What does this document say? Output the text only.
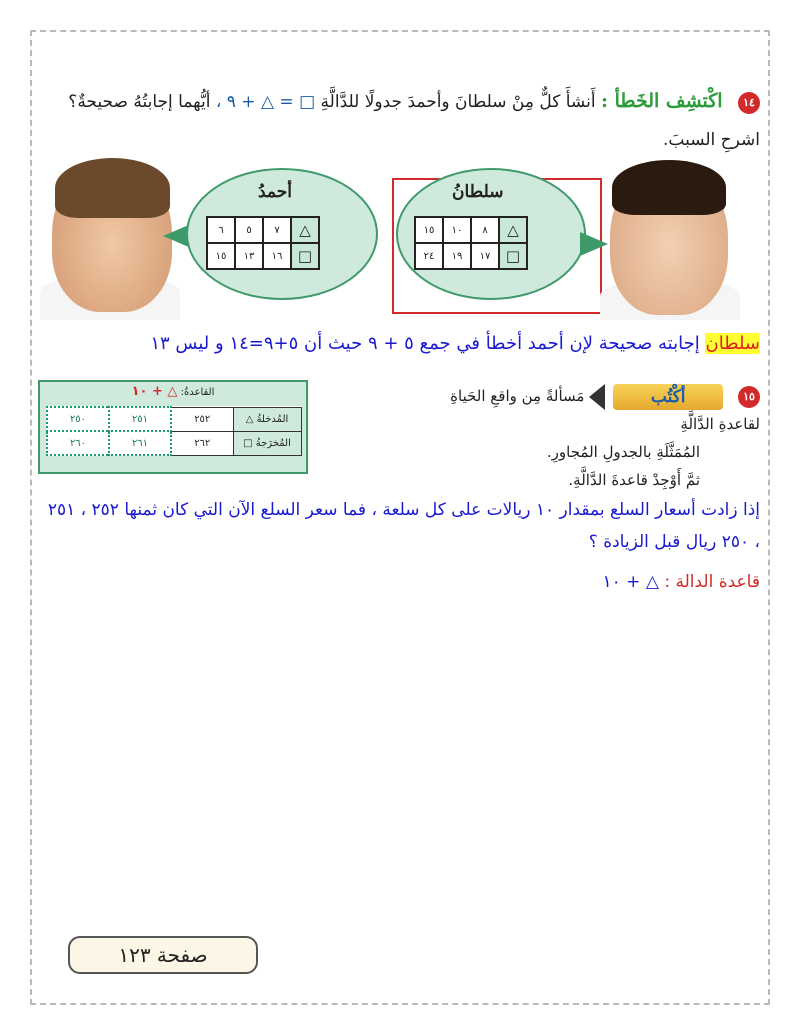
١٤ اكْتشِف الخَطأ : أَنشأَ كلٌّ مِنْ سلطانَ وأحمدَ جدولًا للدَّالَّةِ □ = △ + ٩ ، أيُّهما إجابتُهُ صحيحةٌ؟
اشرحِ السببَ.
أحمدُ
٦	٥	٧	△
١٥	١٣	١٦	□
سلطانُ
١٥	١٠	٨	△
٢٤	١٩	١٧	□
سلطان إجابته صحيحة لإن أحمد أخطأ في جمع ٥ + ٩ حيث أن ٥+٩=١٤ و ليس ١٣
١٥ أكْتُب مَسألةً مِن واقعِ الحَياةِ لقاعدةِ الدَّالَّةِ
المُمَثَّلَةِ بالجدولِ المُجاورِ.
ثمَّ أَوْجِدْ قاعدةَ الدَّالَّةِ.
القاعدةُ: △ + ١٠
المُدخلةُ △	٢٥٢	٢٥١	٢٥٠
المُخرَجةُ □	٢٦٢	٢٦١	٢٦٠
إذا زادت أسعار السلع بمقدار ١٠ ريالات على كل سلعة ، فما سعر السلع الآن التي كان ثمنها ٢٥٢ ، ٢٥١ ، ٢٥٠ ريال قبل الزيادة ؟
قاعدة الدالة : △ + ١٠
صفحة ١٢٣
